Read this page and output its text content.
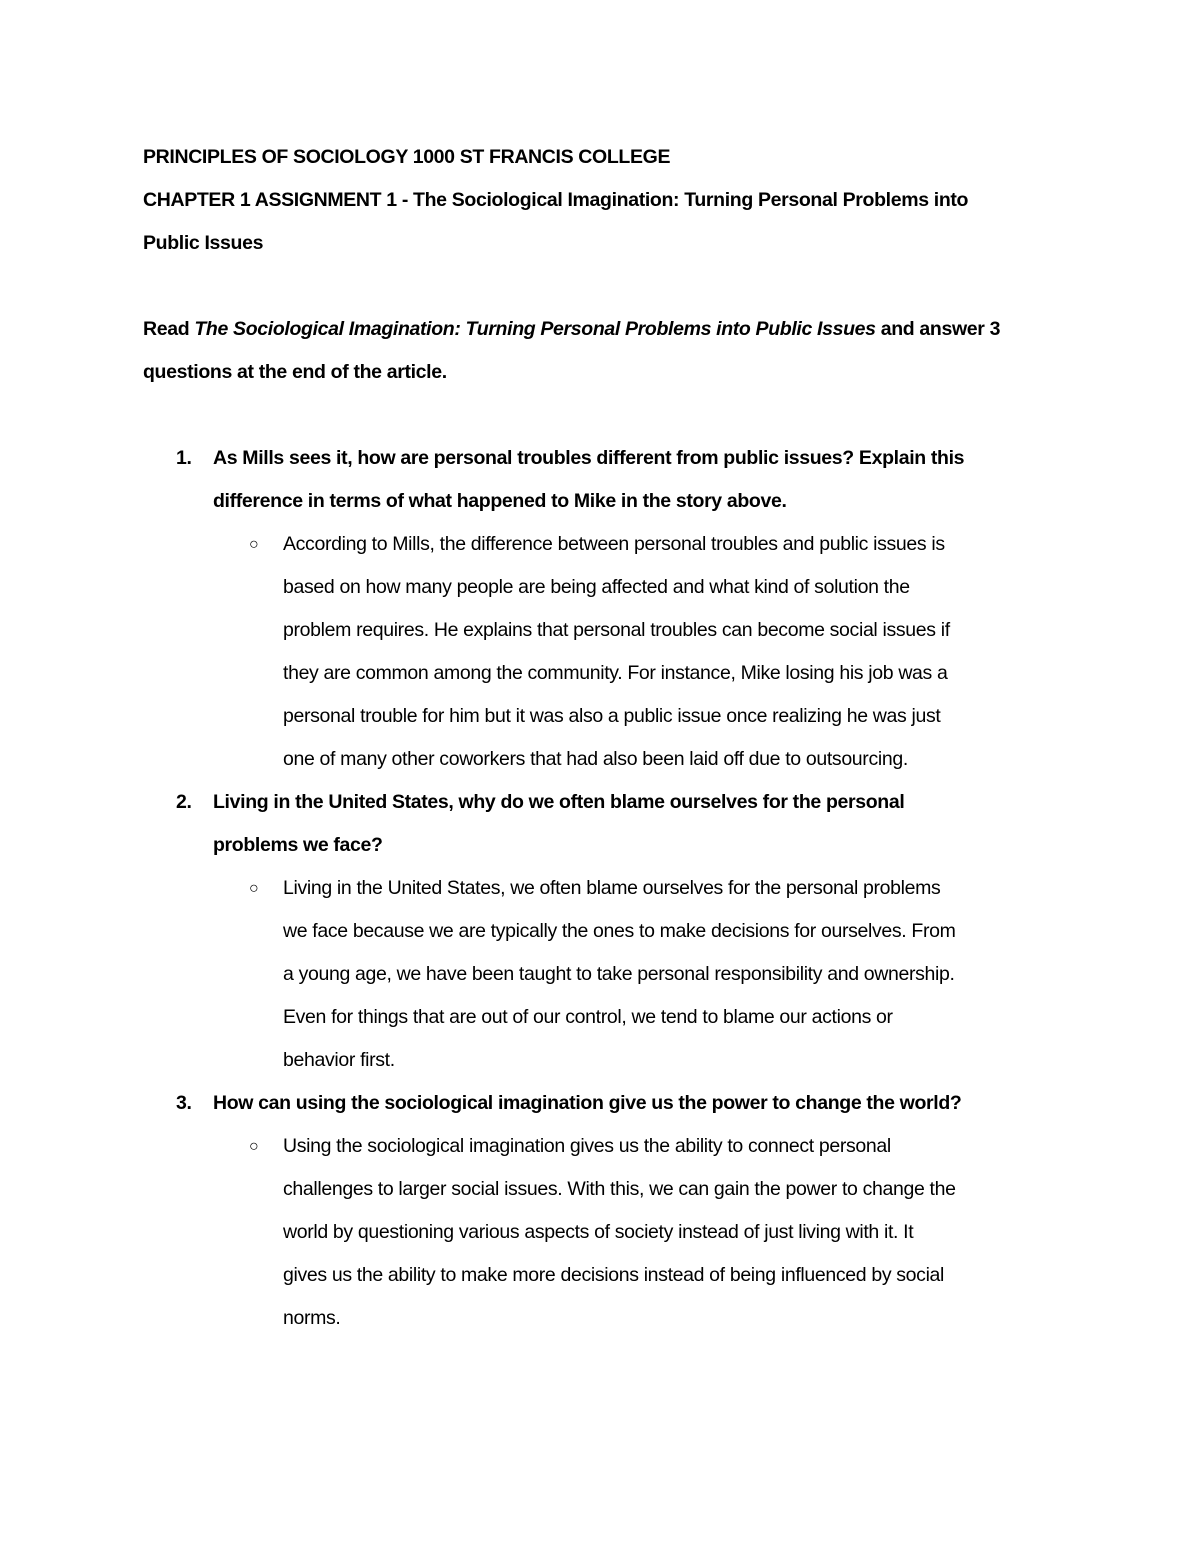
PRINCIPLES OF SOCIOLOGY 1000 ST FRANCIS COLLEGE

CHAPTER 1 ASSIGNMENT 1 - The Sociological Imagination: Turning Personal Problems into

Public Issues

Read The Sociological Imagination: Turning Personal Problems into Public Issues and answer 3

questions at the end of the article.

1. As Mills sees it, how are personal troubles different from public issues? Explain this

difference in terms of what happened to Mike in the story above.

○ According to Mills, the difference between personal troubles and public issues is

based on how many people are being affected and what kind of solution the

problem requires. He explains that personal troubles can become social issues if

they are common among the community. For instance, Mike losing his job was a

personal trouble for him but it was also a public issue once realizing he was just

one of many other coworkers that had also been laid off due to outsourcing.

2. Living in the United States, why do we often blame ourselves for the personal

problems we face?

○ Living in the United States, we often blame ourselves for the personal problems

we face because we are typically the ones to make decisions for ourselves. From

a young age, we have been taught to take personal responsibility and ownership.

Even for things that are out of our control, we tend to blame our actions or

behavior first.

3. How can using the sociological imagination give us the power to change the world?

○ Using the sociological imagination gives us the ability to connect personal

challenges to larger social issues. With this, we can gain the power to change the

world by questioning various aspects of society instead of just living with it. It

gives us the ability to make more decisions instead of being influenced by social

norms.
